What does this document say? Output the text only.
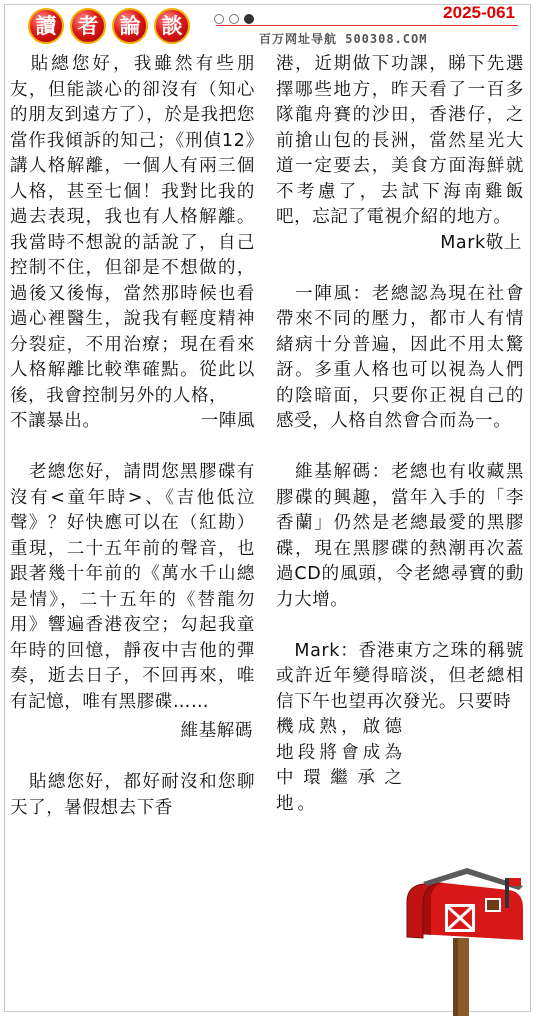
讀	者	論	談
2025-061
百万网址导航 500308.COM

　貼總您好，我雖然有些朋友，但能談心的卻沒有（知心的朋友到遠方了），於是我把您當作我傾訴的知己；《刑偵12》講人格解離，一個人有兩三個人格，甚至七個！我對比我的過去表現，我也有人格解離。我當時不想說的話說了，自己控制不住，但卻是不想做的，過後又後悔，當然那時候也看過心裡醫生，說我有輕度精神分裂症，不用治療；現在看來人格解離比較準確點。從此以後，我會控制另外的人格，

不讓暴出。	一陣風

　老總您好，請問您黑膠碟有沒有<童年時>、《吉他低泣聲》？好快應可以在（紅勘）重現，二十五年前的聲音，也跟著幾十年前的《萬水千山總是情》，二十五年的《替龍勿用》響遍香港夜空；勾起我童年時的回憶，靜夜中吉他的彈奏，逝去日子，不回再來，唯有記憶，唯有黑膠碟……

維基解碼

　貼總您好，都好耐沒和您聊天了，暑假想去下香

港，近期做下功課，睇下先選擇哪些地方，昨天看了一百多隊龍舟賽的沙田，香港仔，之前搶山包的長洲，當然星光大道一定要去，美食方面海鮮就不考慮了，去試下海南雞飯吧，忘記了電視介紹的地方。

Mark敬上

　一陣風：老總認為現在社會帶來不同的壓力，都市人有情緒病十分普遍，因此不用太驚訝。多重人格也可以視為人們的陰暗面，只要你正視自己的感受，人格自然會合而為一。

　維基解碼：老總也有收藏黑膠碟的興趣，當年入手的「李香蘭」仍然是老總最愛的黑膠碟，現在黑膠碟的熱潮再次蓋過CD的風頭，令老總尋寶的動力大增。

　Mark：香港東方之珠的稱號或許近年變得暗淡，但老總相信下午也望再次發光。只要時

機成熟，啟德地段將會成為中環繼承之地。
